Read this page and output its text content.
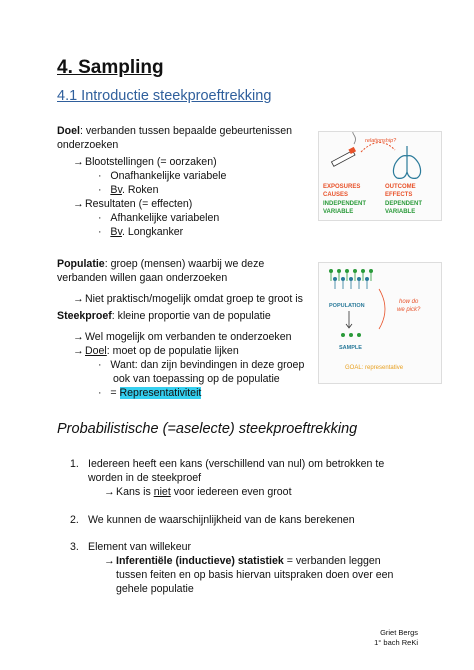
4. Sampling
4.1 Introductie steekproeftrekking
Doel: verbanden tussen bepaalde gebeurtenissen
onderzoeken
→Blootstellingen (= oorzaken)
· Onafhankelijke variabele
· Bv. Roken
→Resultaten (= effecten)
· Afhankelijke variabelen
· Bv. Longkanker
Populatie: groep (mensen) waarbij we deze
verbanden willen gaan onderzoeken
→Niet praktisch/mogelijk omdat groep te groot is
Steekproef: kleine proportie van de populatie
→Wel mogelijk om verbanden te onderzoeken
→Doel: moet op de populatie lijken
· Want: dan zijn bevindingen in deze groep
ook van toepassing op de populatie
· = Representativiteit
Probabilistische (=aselecte) steekproeftrekking
1. Iedereen heeft een kans (verschillend van nul) om betrokken te
worden in de steekproef
→Kans is niet voor iedereen even groot
2. We kunnen de waarschijnlijkheid van de kans berekenen
3. Element van willekeur
→Inferentiële (inductieve) statistiek = verbanden leggen
tussen feiten en op basis hiervan uitspraken doen over een
gehele populatie
relationship?
EXPOSURES
CAUSES
INDEPENDENT
VARIABLE
OUTCOME
EFFECTS
DEPENDENT
VARIABLE
POPULATION
SAMPLE
how do
we pick?
GOAL: representative
Griet Bergs
1° bach ReKi
